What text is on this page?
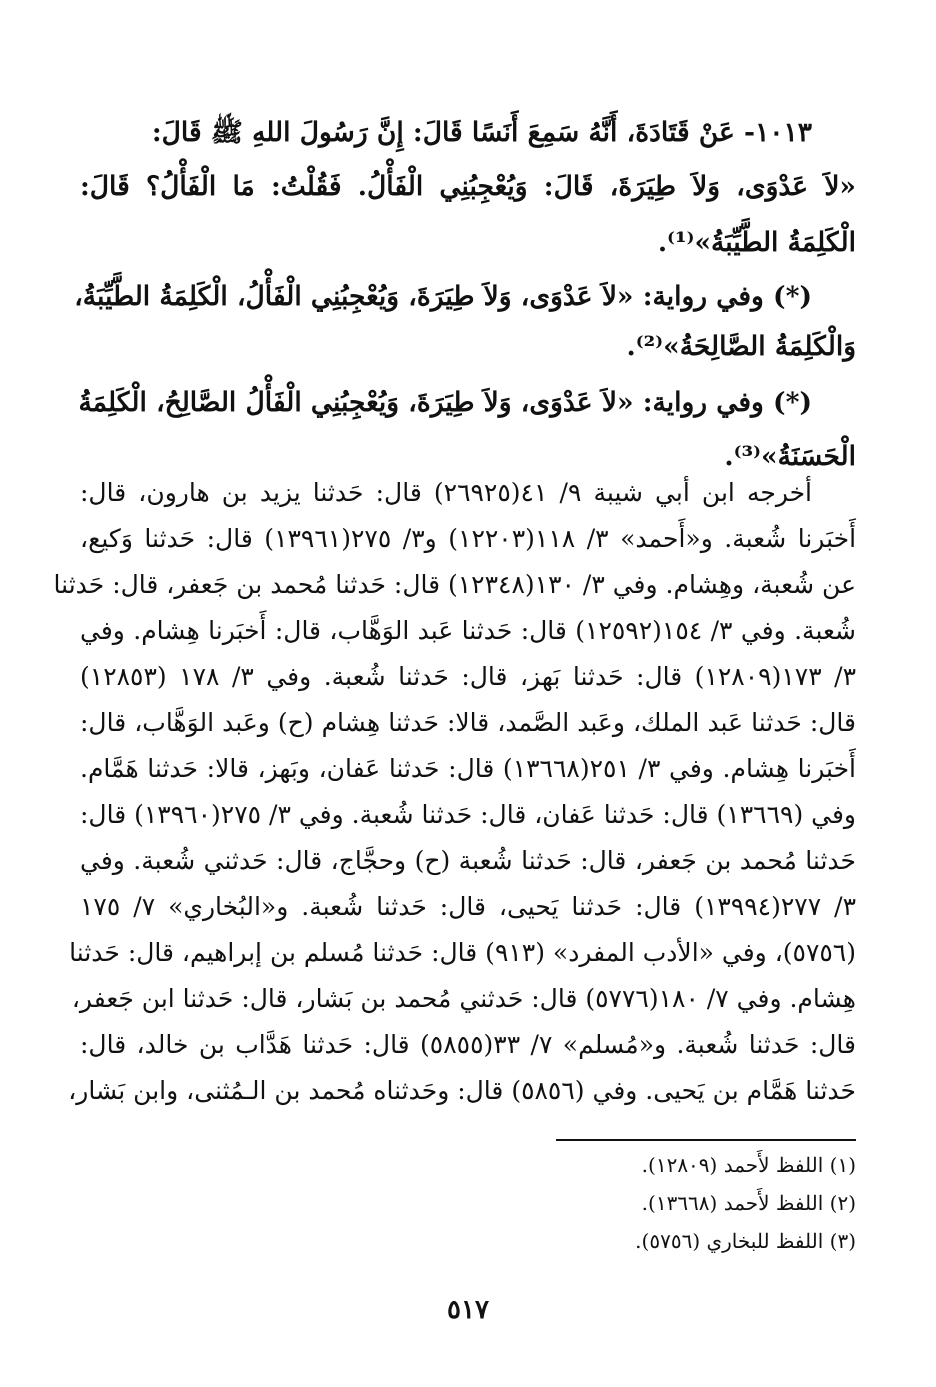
١٠١٣- عَنْ قَتَادَةَ، أَنَّهُ سَمِعَ أَنَسًا قَالَ: إِنَّ رَسُولَ اللهِ ﷺ قَالَ:
«لاَ عَدْوَى، وَلاَ طِيَرَةَ، قَالَ: وَيُعْجِبُنِي الْفَأْلُ. فَقُلْتُ: مَا الْفَأْلُ؟ قَالَ:
الْكَلِمَةُ الطَّيِّبَةُ»⁽¹⁾.
(*) وفي رواية: «لاَ عَدْوَى، وَلاَ طِيَرَةَ، وَيُعْجِبُنِي الْفَأْلُ، الْكَلِمَةُ الطَّيِّبَةُ،
وَالْكَلِمَةُ الصَّالِحَةُ»⁽²⁾.
(*) وفي رواية: «لاَ عَدْوَى، وَلاَ طِيَرَةَ، وَيُعْجِبُنِي الْفَأْلُ الصَّالِحُ، الْكَلِمَةُ
الْحَسَنَةُ»⁽³⁾.
أخرجه ابن أبي شيبة ٩/ ٤١(٢٦٩٢٥) قال: حَدثنا يزيد بن هارون، قال:
أَخبَرنا شُعبة. و«أَحمد» ٣/ ١١٨(١٢٢٠٣) و٣/ ٢٧٥(١٣٩٦١) قال: حَدثنا وَكيع،
عن شُعبة، وهِشام. وفي ٣/ ١٣٠(١٢٣٤٨) قال: حَدثنا مُحمد بن جَعفر، قال: حَدثنا
شُعبة. وفي ٣/ ١٥٤(١٢٥٩٢) قال: حَدثنا عَبد الوَهَّاب، قال: أَخبَرنا هِشام. وفي
٣/ ١٧٣(١٢٨٠٩) قال: حَدثنا بَهز، قال: حَدثنا شُعبة. وفي ٣/ ١٧٨ (١٢٨٥٣)
قال: حَدثنا عَبد الملك، وعَبد الصَّمد، قالا: حَدثنا هِشام (ح) وعَبد الوَهَّاب، قال:
أَخبَرنا هِشام. وفي ٣/ ٢٥١(١٣٦٦٨) قال: حَدثنا عَفان، وبَهز، قالا: حَدثنا هَمَّام.
وفي (١٣٦٦٩) قال: حَدثنا عَفان، قال: حَدثنا شُعبة. وفي ٣/ ٢٧٥(١٣٩٦٠) قال:
حَدثنا مُحمد بن جَعفر، قال: حَدثنا شُعبة (ح) وحجَّاج، قال: حَدثني شُعبة. وفي
٣/ ٢٧٧(١٣٩٩٤) قال: حَدثنا يَحيى، قال: حَدثنا شُعبة. و«البُخاري» ٧/ ١٧٥
(٥٧٥٦)، وفي «الأدب المفرد» (٩١٣) قال: حَدثنا مُسلم بن إبراهيم، قال: حَدثنا
هِشام. وفي ٧/ ١٨٠(٥٧٧٦) قال: حَدثني مُحمد بن بَشار، قال: حَدثنا ابن جَعفر،
قال: حَدثنا شُعبة. و«مُسلم» ٧/ ٣٣(٥٨٥٥) قال: حَدثنا هَدَّاب بن خالد، قال:
حَدثنا هَمَّام بن يَحيى. وفي (٥٨٥٦) قال: وحَدثناه مُحمد بن الـمُثنى، وابن بَشار،
(١) اللفظ لأَحمد (١٢٨٠٩).
(٢) اللفظ لأَحمد (١٣٦٦٨).
(٣) اللفظ للبخاري (٥٧٥٦).
٥١٧
